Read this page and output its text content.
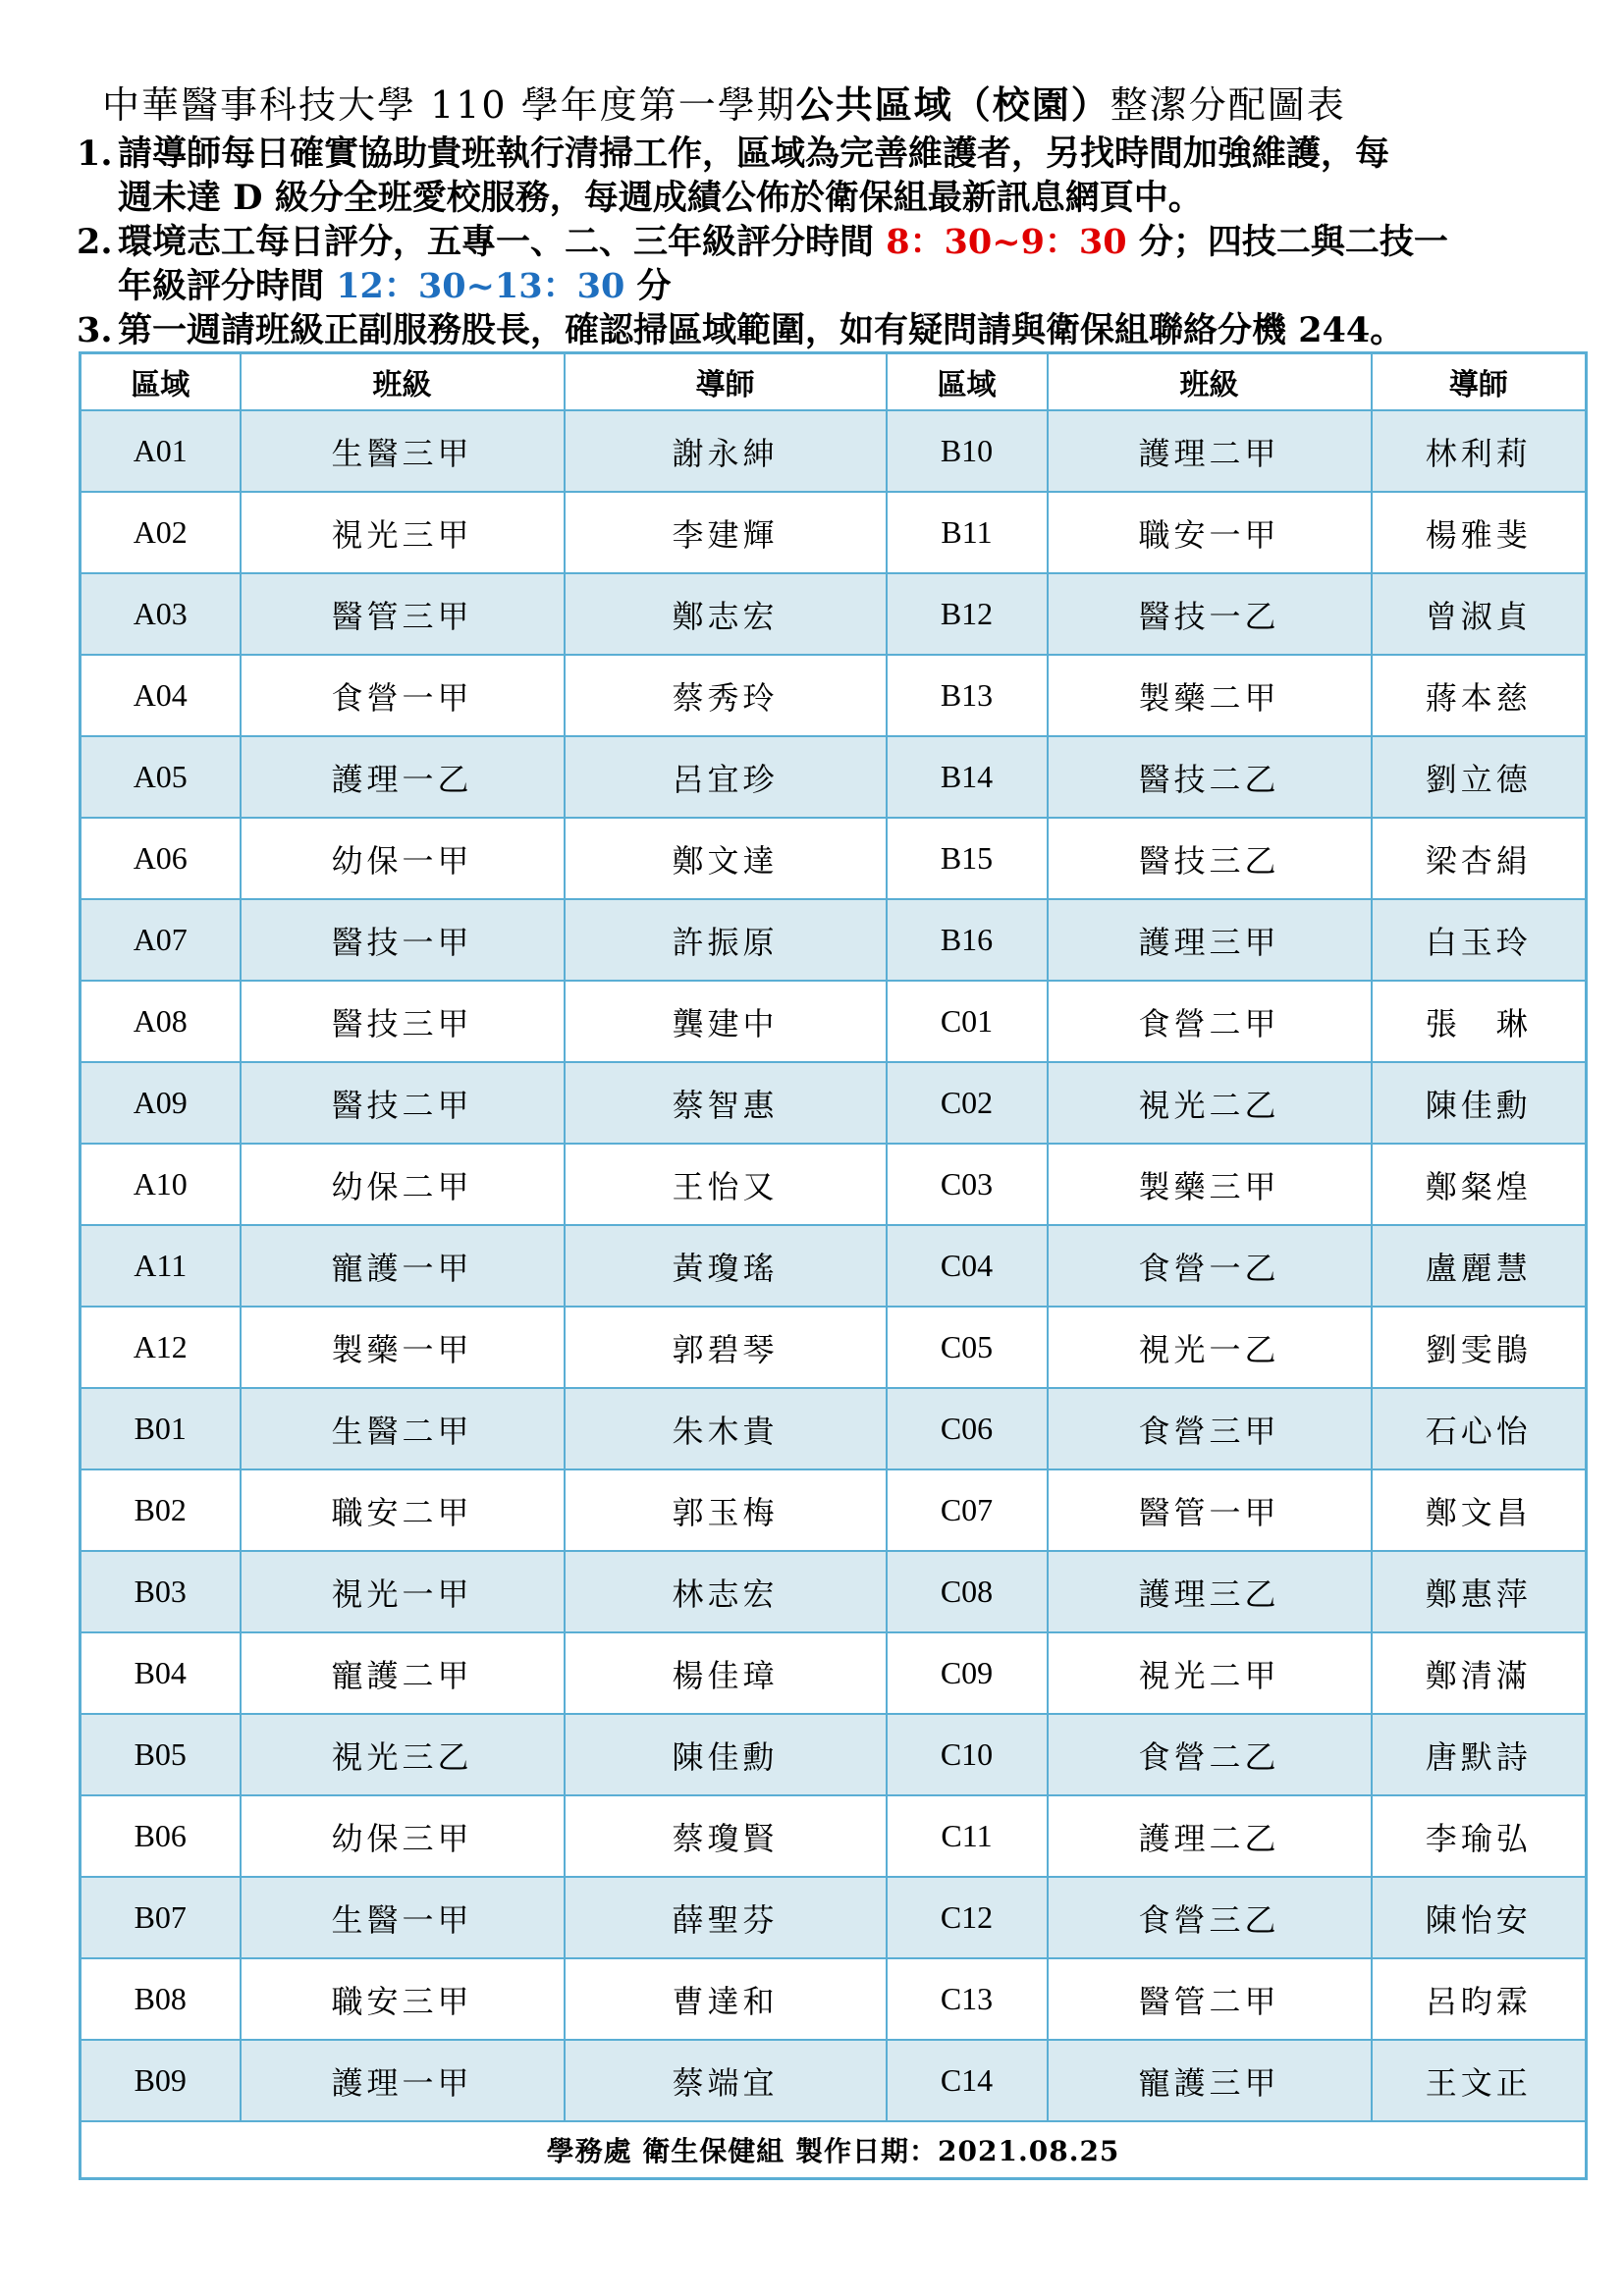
中華醫事科技大學 110 學年度第一學期公共區域（校園）整潔分配圖表

1. 請導師每日確實協助貴班執行清掃工作，區域為完善維護者，另找時間加強維護，每
週未達 D 級分全班愛校服務，每週成績公佈於衛保組最新訊息網頁中。

2. 環境志工每日評分，五專一、二、三年級評分時間 8：30~9：30 分；四技二與二技一
年級評分時間 12：30~13：30 分

3. 第一週請班級正副服務股長，確認掃區域範圍，如有疑問請與衛保組聯絡分機 244。

區域	班級	導師	區域	班級	導師
A01	生醫三甲	謝永紳	B10	護理二甲	林利莉
A02	視光三甲	李建輝	B11	職安一甲	楊雅斐
A03	醫管三甲	鄭志宏	B12	醫技一乙	曾淑貞
A04	食營一甲	蔡秀玲	B13	製藥二甲	蔣本慈
A05	護理一乙	呂宜珍	B14	醫技二乙	劉立德
A06	幼保一甲	鄭文達	B15	醫技三乙	梁杏絹
A07	醫技一甲	許振原	B16	護理三甲	白玉玲
A08	醫技三甲	龔建中	C01	食營二甲	張　琳
A09	醫技二甲	蔡智惠	C02	視光二乙	陳佳勳
A10	幼保二甲	王怡又	C03	製藥三甲	鄭粲煌
A11	寵護一甲	黃瓊瑤	C04	食營一乙	盧麗慧
A12	製藥一甲	郭碧琴	C05	視光一乙	劉雯鵑
B01	生醫二甲	朱木貴	C06	食營三甲	石心怡
B02	職安二甲	郭玉梅	C07	醫管一甲	鄭文昌
B03	視光一甲	林志宏	C08	護理三乙	鄭惠萍
B04	寵護二甲	楊佳璋	C09	視光二甲	鄭清滿
B05	視光三乙	陳佳勳	C10	食營二乙	唐默詩
B06	幼保三甲	蔡瓊賢	C11	護理二乙	李瑜弘
B07	生醫一甲	薛聖芬	C12	食營三乙	陳怡安
B08	職安三甲	曹達和	C13	醫管二甲	呂昀霖
B09	護理一甲	蔡端宜	C14	寵護三甲	王文正
學務處 衛生保健組 製作日期：2021.08.25					
